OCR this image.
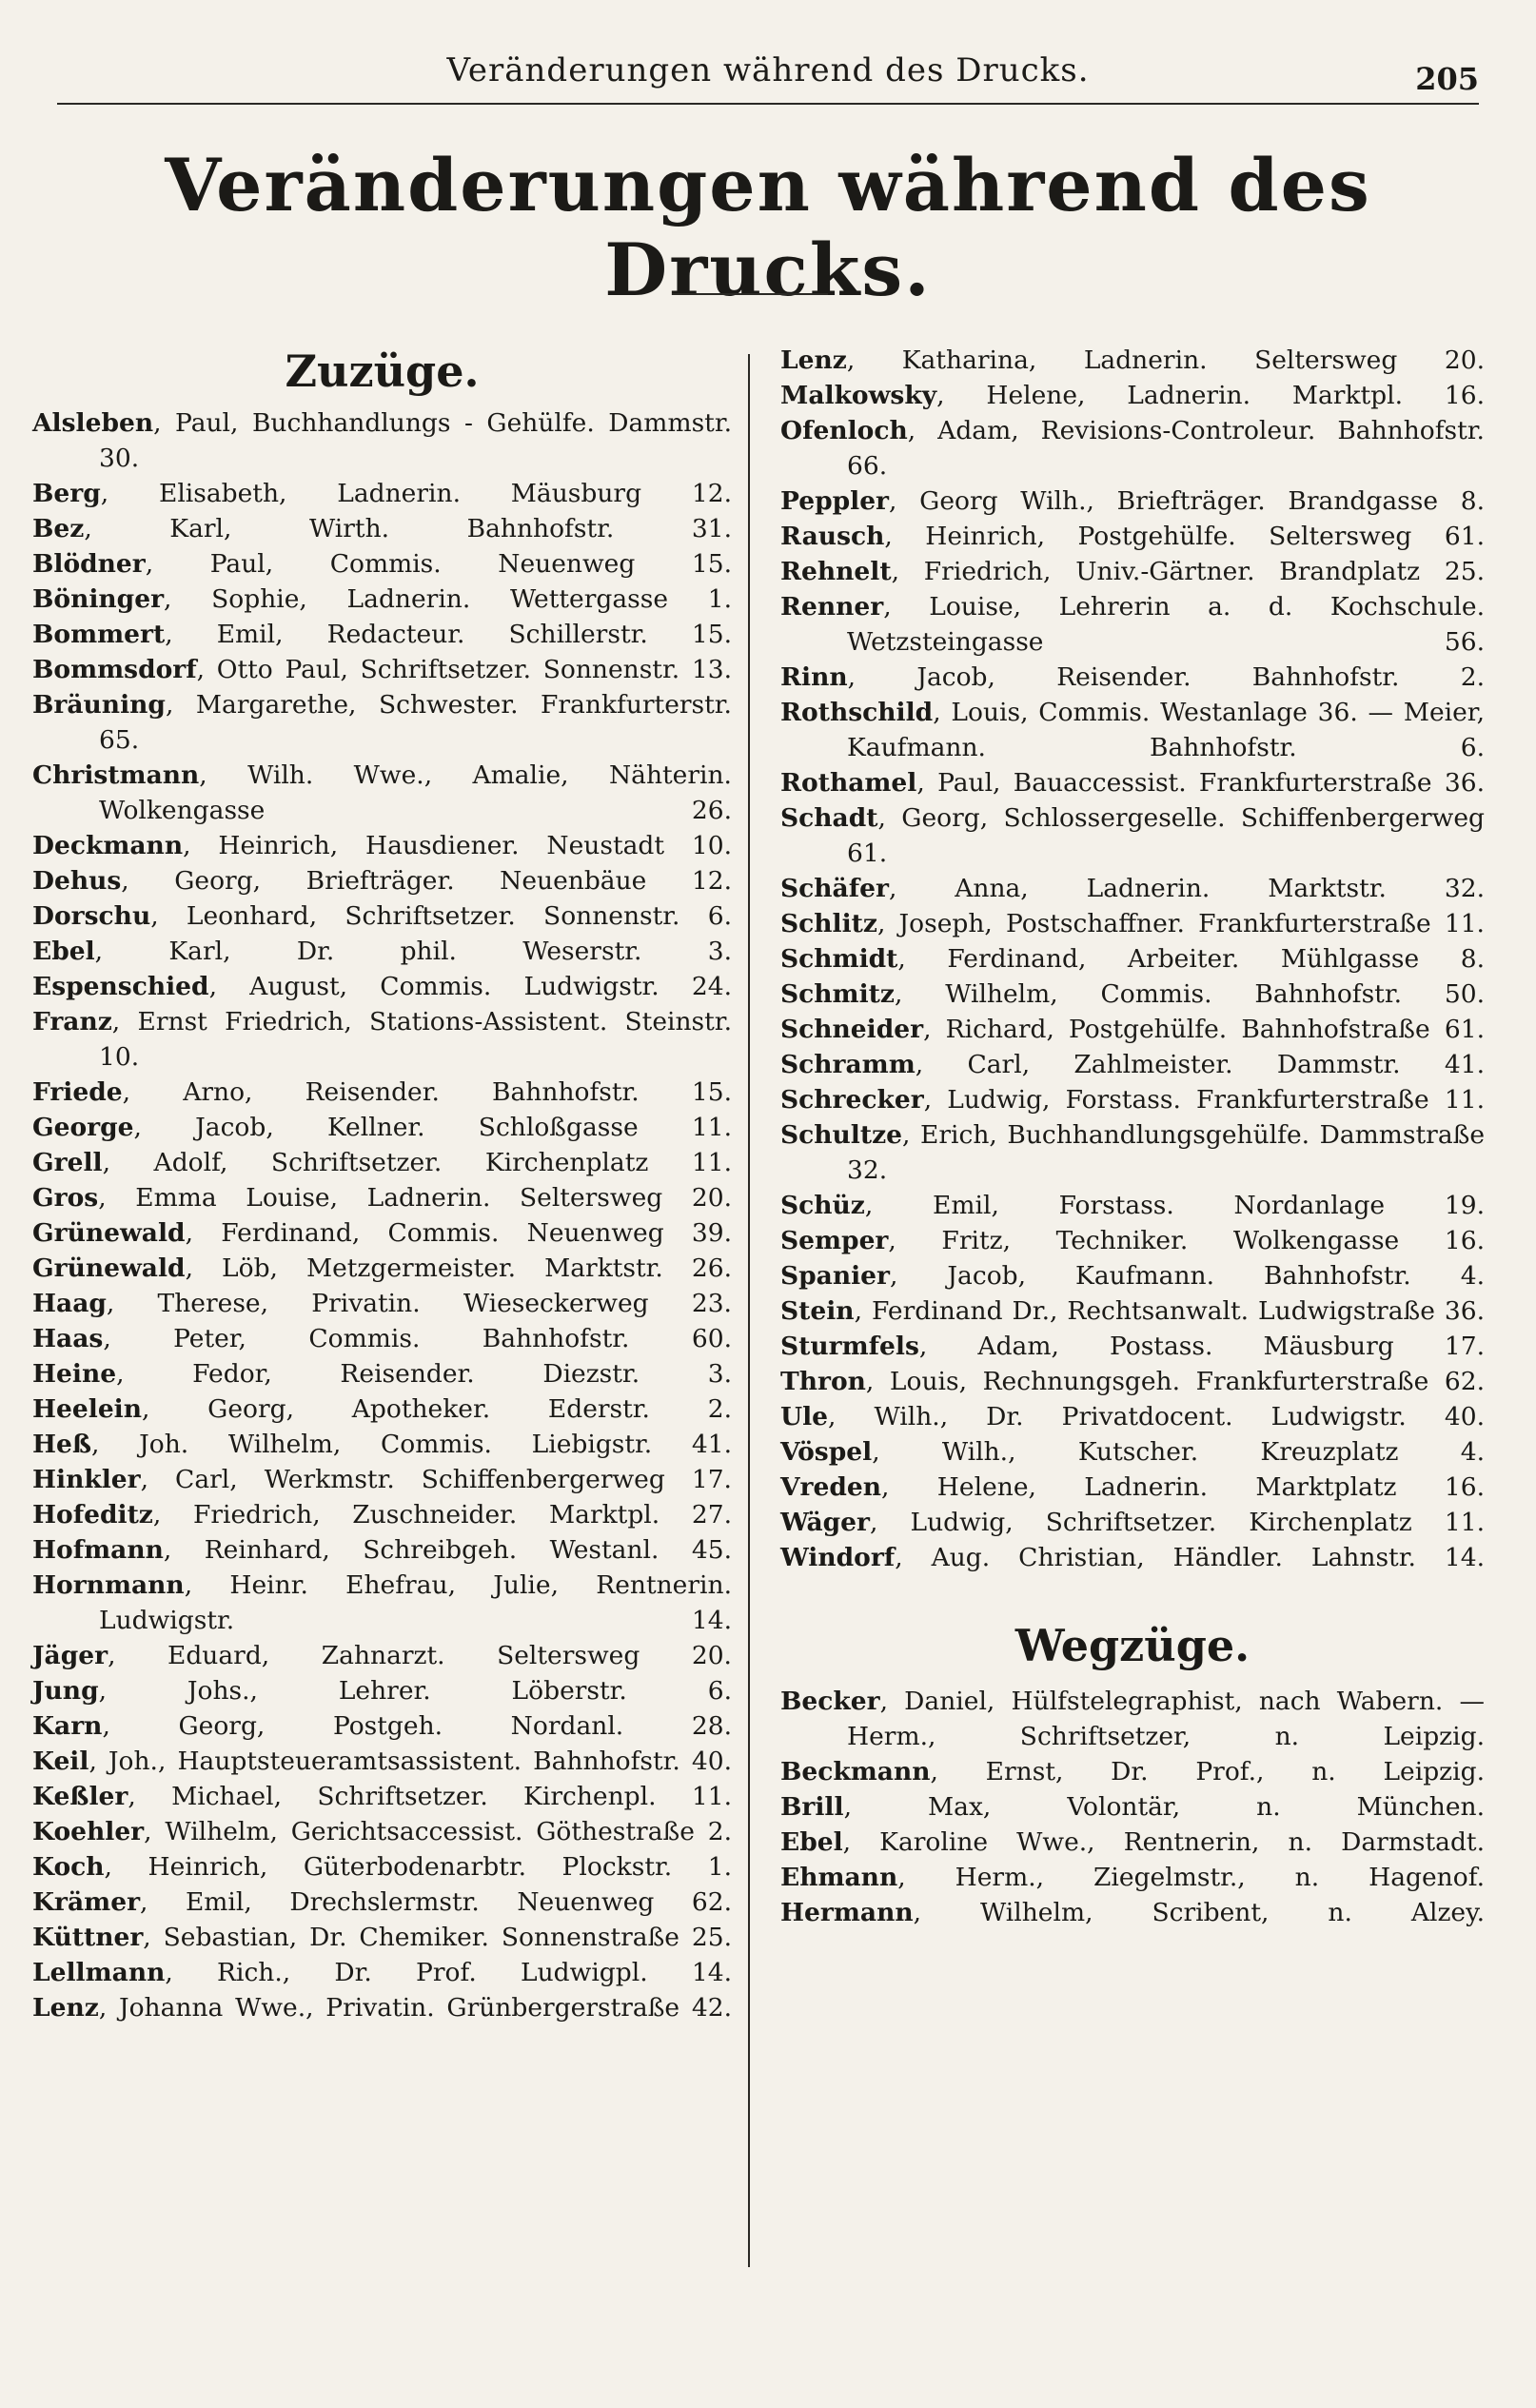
Veränderungen während des Drucks.	205
Veränderungen während des Drucks.
Zuzüge.
Alsleben, Paul, Buchhandlungs - Gehülfe. Dammstr. 30.
Berg, Elisabeth, Ladnerin. Mäusburg 12.
Bez, Karl, Wirth. Bahnhofstr. 31.
Blödner, Paul, Commis. Neuenweg 15.
Böninger, Sophie, Ladnerin. Wettergasse 1.
Bommert, Emil, Redacteur. Schillerstr. 15.
Bommsdorf, Otto Paul, Schriftsetzer. Sonnenstr. 13.
Bräuning, Margarethe, Schwester. Frankfurterstr. 65.
Christmann, Wilh. Wwe., Amalie, Nähterin. Wolkengasse 26.
Deckmann, Heinrich, Hausdiener. Neustadt 10.
Dehus, Georg, Briefträger. Neuenbäue 12.
Dorschu, Leonhard, Schriftsetzer. Sonnenstr. 6.
Ebel, Karl, Dr. phil. Weserstr. 3.
Espenschied, August, Commis. Ludwigstr. 24.
Franz, Ernst Friedrich, Stations-Assistent. Steinstr. 10.
Friede, Arno, Reisender. Bahnhofstr. 15.
George, Jacob, Kellner. Schloßgasse 11.
Grell, Adolf, Schriftsetzer. Kirchenplatz 11.
Gros, Emma Louise, Ladnerin. Seltersweg 20.
Grünewald, Ferdinand, Commis. Neuenweg 39.
Grünewald, Löb, Metzgermeister. Marktstr. 26.
Haag, Therese, Privatin. Wieseckerweg 23.
Haas, Peter, Commis. Bahnhofstr. 60.
Heine, Fedor, Reisender. Diezstr. 3.
Heelein, Georg, Apotheker. Ederstr. 2.
Heß, Joh. Wilhelm, Commis. Liebigstr. 41.
Hinkler, Carl, Werkmstr. Schiffenbergerweg 17.
Hofeditz, Friedrich, Zuschneider. Marktpl. 27.
Hofmann, Reinhard, Schreibgeh. Westanl. 45.
Hornmann, Heinr. Ehefrau, Julie, Rentnerin. Ludwigstr. 14.
Jäger, Eduard, Zahnarzt. Seltersweg 20.
Jung, Johs., Lehrer. Löberstr. 6.
Karn, Georg, Postgeh. Nordanl. 28.
Keil, Joh., Hauptsteueramtsassistent. Bahnhofstr. 40.
Keßler, Michael, Schriftsetzer. Kirchenpl. 11.
Koehler, Wilhelm, Gerichtsaccessist. Göthestraße 2.
Koch, Heinrich, Güterbodenarbtr. Plockstr. 1.
Krämer, Emil, Drechslermstr. Neuenweg 62.
Küttner, Sebastian, Dr. Chemiker. Sonnenstraße 25.
Lellmann, Rich., Dr. Prof. Ludwigpl. 14.
Lenz, Johanna Wwe., Privatin. Grünbergerstraße 42.
Lenz, Katharina, Ladnerin. Seltersweg 20.
Malkowsky, Helene, Ladnerin. Marktpl. 16.
Ofenloch, Adam, Revisions-Controleur. Bahnhofstr. 66.
Peppler, Georg Wilh., Briefträger. Brandgasse 8.
Rausch, Heinrich, Postgehülfe. Seltersweg 61.
Rehnelt, Friedrich, Univ.-Gärtner. Brandplatz 25.
Renner, Louise, Lehrerin a. d. Kochschule. Wetzsteingasse 56.
Rinn, Jacob, Reisender. Bahnhofstr. 2.
Rothschild, Louis, Commis. Westanlage 36. — Meier, Kaufmann. Bahnhofstr. 6.
Rothamel, Paul, Bauaccessist. Frankfurterstraße 36.
Schadt, Georg, Schlossergeselle. Schiffenbergerweg 61.
Schäfer, Anna, Ladnerin. Marktstr. 32.
Schlitz, Joseph, Postschaffner. Frankfurterstraße 11.
Schmidt, Ferdinand, Arbeiter. Mühlgasse 8.
Schmitz, Wilhelm, Commis. Bahnhofstr. 50.
Schneider, Richard, Postgehülfe. Bahnhofstraße 61.
Schramm, Carl, Zahlmeister. Dammstr. 41.
Schrecker, Ludwig, Forstass. Frankfurterstraße 11.
Schultze, Erich, Buchhandlungsgehülfe. Dammstraße 32.
Schüz, Emil, Forstass. Nordanlage 19.
Semper, Fritz, Techniker. Wolkengasse 16.
Spanier, Jacob, Kaufmann. Bahnhofstr. 4.
Stein, Ferdinand Dr., Rechtsanwalt. Ludwigstraße 36.
Sturmfels, Adam, Postass. Mäusburg 17.
Thron, Louis, Rechnungsgeh. Frankfurterstraße 62.
Ule, Wilh., Dr. Privatdocent. Ludwigstr. 40.
Vöspel, Wilh., Kutscher. Kreuzplatz 4.
Vreden, Helene, Ladnerin. Marktplatz 16.
Wäger, Ludwig, Schriftsetzer. Kirchenplatz 11.
Windorf, Aug. Christian, Händler. Lahnstr. 14.
Wegzüge.
Becker, Daniel, Hülfstelegraphist, nach Wabern. — Herm., Schriftsetzer, n. Leipzig.
Beckmann, Ernst, Dr. Prof., n. Leipzig.
Brill, Max, Volontär, n. München.
Ebel, Karoline Wwe., Rentnerin, n. Darmstadt.
Ehmann, Herm., Ziegelmstr., n. Hagenof.
Hermann, Wilhelm, Scribent, n. Alzey.
